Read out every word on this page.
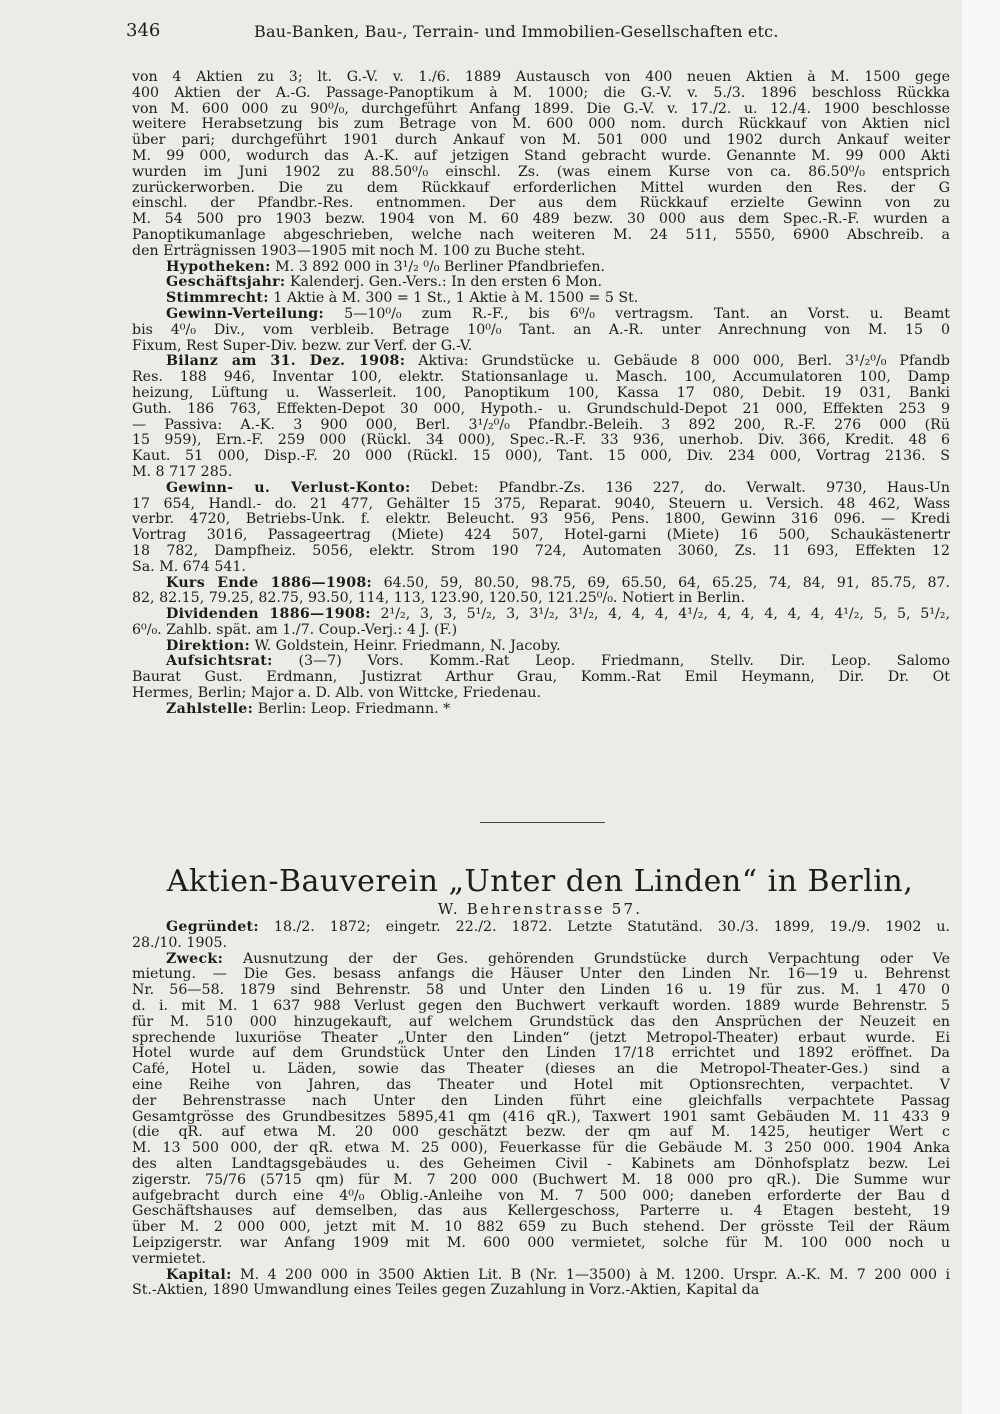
346	Bau-Banken, Bau-, Terrain- und Immobilien-Gesellschaften etc.

von 4 Aktien zu 3; lt. G.-V. v. 1./6. 1889 Austausch von 400 neuen Aktien à M. 1500 gege

400 Aktien der A.-G. Passage-Panoptikum à M. 1000; die G.-V. v. 5./3. 1896 beschloss Rückka

von M. 600 000 zu 90⁰/₀, durchgeführt Anfang 1899. Die G.-V. v. 17./2. u. 12./4. 1900 beschlosse

weitere Herabsetzung bis zum Betrage von M. 600 000 nom. durch Rückkauf von Aktien nicl

über pari; durchgeführt 1901 durch Ankauf von M. 501 000 und 1902 durch Ankauf weiter

M. 99 000, wodurch das A.-K. auf jetzigen Stand gebracht wurde. Genannte M. 99 000 Akti

wurden im Juni 1902 zu 88.50⁰/₀ einschl. Zs. (was einem Kurse von ca. 86.50⁰/₀ entsprich

zurückerworben. Die zu dem Rückkauf erforderlichen Mittel wurden den Res. der G

einschl. der Pfandbr.-Res. entnommen. Der aus dem Rückkauf erzielte Gewinn von zu

M. 54 500 pro 1903 bezw. 1904 von M. 60 489 bezw. 30 000 aus dem Spec.-R.-F. wurden a

Panoptikumanlage abgeschrieben, welche nach weiteren M. 24 511, 5550, 6900 Abschreib. a

den Erträgnissen 1903—1905 mit noch M. 100 zu Buche steht.

Hypotheken: M. 3 892 000 in 3¹/₂ ⁰/₀ Berliner Pfandbriefen.

Geschäftsjahr: Kalenderj. Gen.-Vers.: In den ersten 6 Mon.

Stimmrecht: 1 Aktie à M. 300 = 1 St., 1 Aktie à M. 1500 = 5 St.

Gewinn-Verteilung: 5—10⁰/₀ zum R.-F., bis 6⁰/₀ vertragsm. Tant. an Vorst. u. Beamt

bis 4⁰/₀ Div., vom verbleib. Betrage 10⁰/₀ Tant. an A.-R. unter Anrechnung von M. 15 0

Fixum, Rest Super-Div. bezw. zur Verf. der G.-V.

Bilanz am 31. Dez. 1908: Aktiva: Grundstücke u. Gebäude 8 000 000, Berl. 3¹/₂⁰/₀ Pfandb

Res. 188 946, Inventar 100, elektr. Stationsanlage u. Masch. 100, Accumulatoren 100, Damp

heizung, Lüftung u. Wasserleit. 100, Panoptikum 100, Kassa 17 080, Debit. 19 031, Banki

Guth. 186 763, Effekten-Depot 30 000, Hypoth.- u. Grundschuld-Depot 21 000, Effekten 253 9

— Passiva: A.-K. 3 900 000, Berl. 3¹/₂⁰/₀ Pfandbr.-Beleih. 3 892 200, R.-F. 276 000 (Rü

15 959), Ern.-F. 259 000 (Rückl. 34 000), Spec.-R.-F. 33 936, unerhob. Div. 366, Kredit. 48 6

Kaut. 51 000, Disp.-F. 20 000 (Rückl. 15 000), Tant. 15 000, Div. 234 000, Vortrag 2136. S

M. 8 717 285.

Gewinn- u. Verlust-Konto: Debet: Pfandbr.-Zs. 136 227, do. Verwalt. 9730, Haus-Un

17 654, Handl.- do. 21 477, Gehälter 15 375, Reparat. 9040, Steuern u. Versich. 48 462, Wass

verbr. 4720, Betriebs-Unk. f. elektr. Beleucht. 93 956, Pens. 1800, Gewinn 316 096. — Kredi

Vortrag 3016, Passageertrag (Miete) 424 507, Hotel-garni (Miete) 16 500, Schaukästenertr

18 782, Dampfheiz. 5056, elektr. Strom 190 724, Automaten 3060, Zs. 11 693, Effekten 12

Sa. M. 674 541.

Kurs Ende 1886—1908: 64.50, 59, 80.50, 98.75, 69, 65.50, 64, 65.25, 74, 84, 91, 85.75, 87.

82, 82.15, 79.25, 82.75, 93.50, 114, 113, 123.90, 120.50, 121.25⁰/₀. Notiert in Berlin.

Dividenden 1886—1908: 2¹/₂, 3, 3, 5¹/₂, 3, 3¹/₂, 3¹/₂, 4, 4, 4, 4¹/₂, 4, 4, 4, 4, 4, 4¹/₂, 5, 5, 5¹/₂,

6⁰/₀. Zahlb. spät. am 1./7. Coup.-Verj.: 4 J. (F.)

Direktion: W. Goldstein, Heinr. Friedmann, N. Jacoby.

Aufsichtsrat: (3—7) Vors. Komm.-Rat Leop. Friedmann, Stellv. Dir. Leop. Salomo

Baurat Gust. Erdmann, Justizrat Arthur Grau, Komm.-Rat Emil Heymann, Dir. Dr. Ot

Hermes, Berlin; Major a. D. Alb. von Wittcke, Friedenau.

Zahlstelle: Berlin: Leop. Friedmann. *

Aktien-Bauverein „Unter den Linden“ in Berlin,
W. Behrenstrasse 57.

Gegründet: 18./2. 1872; eingetr. 22./2. 1872. Letzte Statutänd. 30./3. 1899, 19./9. 1902 u.

28./10. 1905.

Zweck: Ausnutzung der der Ges. gehörenden Grundstücke durch Verpachtung oder Ve

mietung. — Die Ges. besass anfangs die Häuser Unter den Linden Nr. 16—19 u. Behrenst

Nr. 56—58. 1879 sind Behrenstr. 58 und Unter den Linden 16 u. 19 für zus. M. 1 470 0

d. i. mit M. 1 637 988 Verlust gegen den Buchwert verkauft worden. 1889 wurde Behrenstr. 5

für M. 510 000 hinzugekauft, auf welchem Grundstück das den Ansprüchen der Neuzeit en

sprechende luxuriöse Theater „Unter den Linden“ (jetzt Metropol-Theater) erbaut wurde. Ei

Hotel wurde auf dem Grundstück Unter den Linden 17/18 errichtet und 1892 eröffnet. Da

Café, Hotel u. Läden, sowie das Theater (dieses an die Metropol-Theater-Ges.) sind a

eine Reihe von Jahren, das Theater und Hotel mit Optionsrechten, verpachtet. V

der Behrenstrasse nach Unter den Linden führt eine gleichfalls verpachtete Passag

Gesamtgrösse des Grundbesitzes 5895,41 qm (416 qR.), Taxwert 1901 samt Gebäuden M. 11 433 9

(die qR. auf etwa M. 20 000 geschätzt bezw. der qm auf M. 1425, heutiger Wert c

M. 13 500 000, der qR. etwa M. 25 000), Feuerkasse für die Gebäude M. 3 250 000. 1904 Anka

des alten Landtagsgebäudes u. des Geheimen Civil - Kabinets am Dönhofsplatz bezw. Lei

zigerstr. 75/76 (5715 qm) für M. 7 200 000 (Buchwert M. 18 000 pro qR.). Die Summe wur

aufgebracht durch eine 4⁰/₀ Oblig.-Anleihe von M. 7 500 000; daneben erforderte der Bau d

Geschäftshauses auf demselben, das aus Kellergeschoss, Parterre u. 4 Etagen besteht, 19

über M. 2 000 000, jetzt mit M. 10 882 659 zu Buch stehend. Der grösste Teil der Räum

Leipzigerstr. war Anfang 1909 mit M. 600 000 vermietet, solche für M. 100 000 noch u

vermietet.

Kapital: M. 4 200 000 in 3500 Aktien Lit. B (Nr. 1—3500) à M. 1200. Urspr. A.-K. M. 7 200 000 i

St.-Aktien, 1890 Umwandlung eines Teiles gegen Zuzahlung in Vorz.-Aktien, Kapital da
